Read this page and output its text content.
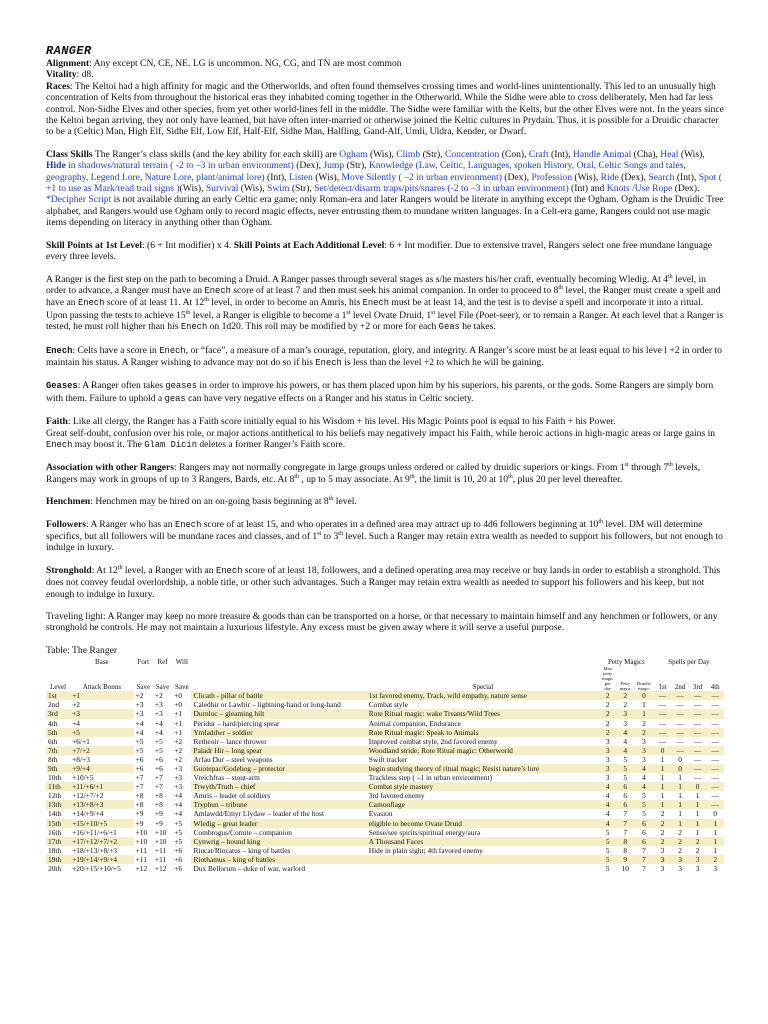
RANGER

Alignment: Any except CN, CE, NE. LG is uncommon. NG, CG, and TN are most common

Vitality: d8.

Races: The Keltoi had a high affinity for magic and the Otherworlds, and often found themselves crossing times and world-lines unintentionally. This led to an unusually high concentration of Kelts from throughout the historical eras they inhabited coming together in the Otherworld. While the Sidhe were able to cross deliberately, Men had far less control. Non-Sidhe Elves and other species, from yet other world-lines fell in the middle. The Sidhe were familiar with the Kelts, but the other Elves were not. In the years since the Keltoi began arriving, they not only have learned, but have often inter-married or otherwise joined the Keltic cultures in Prydain. Thus, it is possible for a Druidic character to be a (Celtic) Man, High Elf, Sidhe Elf, Low Elf, Half-Elf, Sidhe Man, Halfling, Gand-Alf, Umli, Uldra, Kender, or Dwarf.

Class Skills The Ranger’s class skills (and the key ability for each skill) are Ogham (Wis), Climb (Str), Concentration (Con), Craft (Int), Handle Animal (Cha), Heal (Wis), Hide in shadows/natural terrain ( -2 to –3 in urban environment) (Dex), Jump (Str), Knowledge (Law, Celtic, Languages, spoken History, Oral, Celtic Songs and tales, geography, Legend Lore, Nature Lore, plant/animal lore) (Int), Listen (Wis), Move Silently ( –2 in urban environment) (Dex), Profession (Wis), Ride (Dex), Search (Int), Spot ( +1 to use as Mark/read trail signs )(Wis), Survival (Wis), Swim (Str), Set/detect/disarm traps/pits/snares (-2 to –3 in urban environment) (Int) and Knots /Use Rope (Dex). *Decipher Script is not available during an early Celtic era game; only Roman-era and later Rangers would be literate in anything except the Ogham. Ogham is the Druidic Tree alphabet, and Rangers would use Ogham only to record magic effects, never entrusting them to mundane written languages. In a Celt-era game, Rangers could not use magic items depending on literacy in anything other than Ogham.

Skill Points at 1st Level: (6 + Int modifier) x 4. Skill Points at Each Additional Level: 6 + Int modifier. Due to extensive travel, Rangers select one free mundane language every three levels.

A Ranger is the first step on the path to becoming a Druid. A Ranger passes through several stages as s/he masters his/her craft, eventually becoming Wledig. At 4th level, in order to advance, a Ranger must have an Enech score of at least 7 and then must seek his animal companion. In order to proceed to 8th level, the Ranger must create a spell and have an Enech score of at least 11. At 12th level, in order to become an Amris, his Enech must be at least 14, and the test is to devise a spell and incorporate it into a ritual. Upon passing the tests to achieve 15th level, a Ranger is eligible to become a 1st level Ovate Druid, 1st level File (Poet-seer), or to remain a Ranger. At each level that a Ranger is tested, he must roll higher than his Enech on 1d20. This roll may be modified by +2 or more for each Geas he takes.

Enech: Celts have a score in Enech, or “face”, a measure of a man’s courage, reputation, glory, and integrity. A Ranger’s score must be at least equal to his leve l +2 in order to maintain his status. A Ranger wishing to advance may not do so if his Enech is less than the level +2 to which he will be gaining.

Geases: A Ranger often takes geases in order to improve his powers, or has them placed upon him by his superiors, his parents, or the gods. Some Rangers are simply born with them. Failure to uphold a geas can have very negative effects on a Ranger and his status in Celtic society.

Faith: Like all clergy, the Ranger has a Faith score initially equal to his Wisdom + his level. His Magic Points pool is equal to his Faith + his Power.
Great self-doubt, confusion over his role, or major actions antithetical to his beliefs may negatively impact his Faith, while heroic actions in high-magic areas or large gains in Enech may boost it. The Glam Dicin deletes a former Ranger’s Faith score.

Association with other Rangers: Rangers may not normally congregate in large groups unless ordered or called by druidic superiors or kings. From 1st through 7th levels, Rangers may work in groups of up to 3 Rangers, Bards, etc. At 8th , up to 5 may associate. At 9th, the limit is 10, 20 at 10th, plus 20 per level thereafter.

Henchmen: Henchmen may be hired on an on-going basis beginning at 8th level.

Followers: A Ranger who has an Enech score of at least 15, and who operates in a defined area may attract up to 4d6 followers beginning at 10th level. DM will determine specifics, but all followers will be mundane races and classes, and of 1st to 3th level. Such a Ranger may retain extra wealth as needed to support his followers, but not enough to indulge in luxury.

Stronghold: At 12th level, a Ranger with an Enech score of at least 18, followers, and a defined operating area may receive or buy lands in order to establish a stronghold. This does not convey feudal overlordship, a noble title, or other such advantages. Such a Ranger may retain extra wealth as needed to support his followers and his keep, but not enough to indulge in luxury.

Traveling light: A Ranger may keep no more treasure & goods than can be transported on a horse, or that necessary to maintain himself and any henchmen or followers, or any stronghold he controls. He may not maintain a luxurious lifestyle. Any excess must be given away where it will serve a useful purpose.

Table: The Ranger
	Base	Fort	Ref	Will			Petty Magics			Spells per Day			
Level	Attack Bonus	Save	Save	Save		Special	Max petty magic per day	Petty magic	Druidic magic	1st	2nd	3rd	4th
1st	+1	+2	+2	+0	Clicath - pillar of battle	1st favored enemy, Track, wild empathy, nature sense	2	2	0	—	—	—	—
2nd	+2	+3	+3	+0	Caledhir or Lawhir – lightning-hand or long-hand	Combat style	2	2	1	—	—	—	—
3rd	+3	+3	+3	+1	Durnluc – gleaming hilt	Rote Ritual magic: wake Treants/Wild Trees	2	3	1	—	—	—	—
4th	+4	+4	+4	+1	Peridur – hard/piercing spear	Animal companion, Endurance	2	3	2	—	—	—	—
5th	+5	+4	+4	+1	Ymladdwr – soldier	Rote Ritual magic: Speak to Animals	2	4	2	—	—	—	—
6th	+6/+1	+5	+5	+2	Retheoir – lance thrower	Improved combat style, 2nd favored enemy	3	4	3	—	—	—	—
7th	+7/+2	+5	+5	+2	Paladr Hir – long spear	Woodland stride; Rote Ritual magic: Otherworld	3	4	3	0	—	—	—
8th	+8/+3	+6	+6	+2	Arfau Dur – steel weapons	Swift tracker	3	5	3	1	0	—	—
9th	+9/+4	+6	+6	+3	Guotepac/Godebog – protector	begin studying theory of ritual magic; Resist nature’s lure	3	5	4	1	0	—	—
10th	+10/+5	+7	+7	+3	Vreichfras – stout-arm	Trackless step ( –1 in urban environment)	3	5	4	1	1	—	—
11th	+11/+6/+1	+7	+7	+3	Trwyth/Truth – chief	Combat style mastery	4	6	4	1	1	0	—
12th	+12/+7/+2	+8	+8	+4	Amris – leader of soldiers	3rd favored enemy	4	6	5	1	1	1	—
13th	+13/+8/+3	+8	+8	+4	Tryphun – tribune	Camouflage	4	6	5	1	1	1	—
14th	+14/+9/+4	+9	+9	+4	Amlawdd/Emyr Llydaw – leader of the host	Evasion	4	7	5	2	1	1	0
15th	+15/+10/+5	+9	+9	+5	Wledig – great leader	eligible to become Ovate Druid	4	7	6	2	1	1	1
16th	+16/+11/+6/+1	+10	+10	+5	Combrogus/Comite – companion	Sense/see spirits/spiritual energy/aura	5	7	6	2	2	1	1
17th	+17/+12/+7/+2	+10	+10	+5	Cynwrig – hound king	A Thousand Faces	5	8	6	2	2	2	1
18th	+18/+13/+8/+3	+11	+11	+6	Riucat/Riocatus – king of battles	Hide in plain sight; 4th favored enemy	5	8	7	3	2	2	1
19th	+19/+14/+9/+4	+11	+11	+6	Riothamus – king of battles		5	9	7	3	3	3	2
20th	+20/+15/+10/+5	+12	+12	+6	Dux Bellorum – duke of war, warlord		5	10	7	3	3	3	3
